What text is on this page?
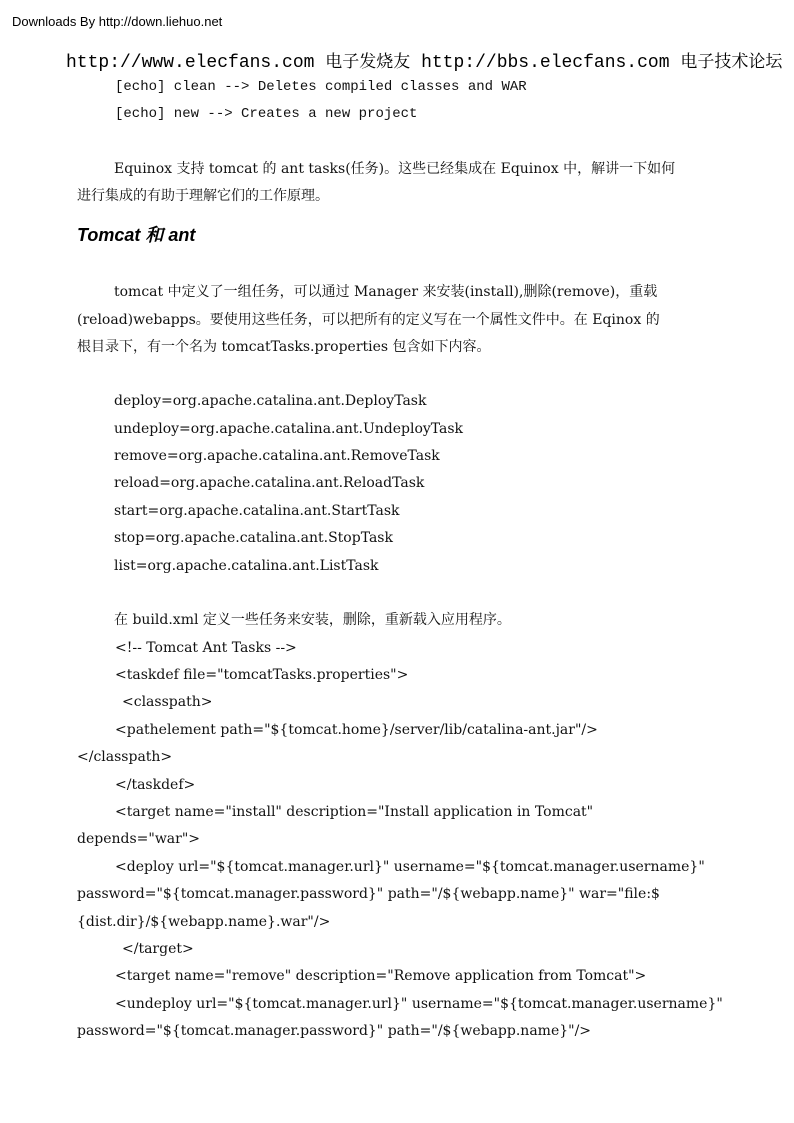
Downloads By http://down.liehuo.net
http://www.elecfans.com 电子发烧友 http://bbs.elecfans.com 电子技术论坛
[echo] clean --> Deletes compiled classes and WAR
[echo] new --> Creates a new project
Equinox 支持 tomcat 的 ant tasks(任务)。这些已经集成在 Equinox 中，解讲一下如何
进行集成的有助于理解它们的工作原理。
Tomcat 和 ant
tomcat 中定义了一组任务，可以通过 Manager 来安装(install),删除(remove)，重载
(reload)webapps。要使用这些任务，可以把所有的定义写在一个属性文件中。在 Eqinox 的
根目录下，有一个名为 tomcatTasks.properties 包含如下内容。
deploy=org.apache.catalina.ant.DeployTask
undeploy=org.apache.catalina.ant.UndeployTask
remove=org.apache.catalina.ant.RemoveTask
reload=org.apache.catalina.ant.ReloadTask
start=org.apache.catalina.ant.StartTask
stop=org.apache.catalina.ant.StopTask
list=org.apache.catalina.ant.ListTask
在 build.xml 定义一些任务来安装，删除，重新载入应用程序。
<!-- Tomcat Ant Tasks -->
<taskdef file="tomcatTasks.properties">
<classpath>
<pathelement path="${tomcat.home}/server/lib/catalina-ant.jar"/>
</classpath>
</taskdef>
<target name="install" description="Install application in Tomcat"
depends="war">
<deploy url="${tomcat.manager.url}" username="${tomcat.manager.username}"
password="${tomcat.manager.password}" path="/${webapp.name}" war="file:$
{dist.dir}/${webapp.name}.war"/>
</target>
<target name="remove" description="Remove application from Tomcat">
<undeploy url="${tomcat.manager.url}" username="${tomcat.manager.username}"
password="${tomcat.manager.password}" path="/${webapp.name}"/>
